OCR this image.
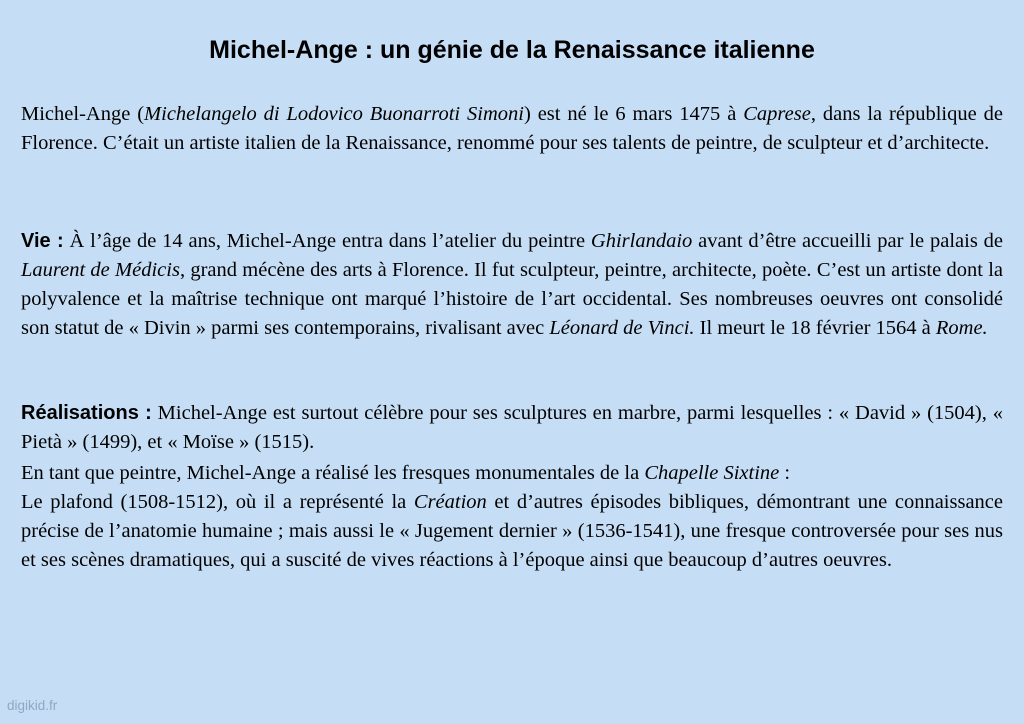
Michel-Ange : un génie de la Renaissance italienne

Michel-Ange (Michelangelo di Lodovico Buonarroti Simoni) est né le 6 mars 1475 à Caprese, dans la république de Florence. C’était un artiste italien de la Renaissance, renommé pour ses talents de peintre, de sculpteur et d’architecte.

Vie : À l’âge de 14 ans, Michel-Ange entra dans l’atelier du peintre Ghirlandaio avant d’être accueilli par le palais de Laurent de Médicis, grand mécène des arts à Florence. Il fut sculpteur, peintre, architecte, poète. C’est un artiste dont la polyvalence et la maîtrise technique ont marqué l’histoire de l’art occidental. Ses nombreuses oeuvres ont consolidé son statut de « Divin » parmi ses contemporains, rivalisant avec Léonard de Vinci. Il meurt le 18 février 1564 à Rome.

Réalisations : Michel-Ange est surtout célèbre pour ses sculptures en marbre, parmi lesquelles : « David » (1504), « Pietà » (1499), et « Moïse » (1515).

En tant que peintre, Michel-Ange a réalisé les fresques monumentales de la Chapelle Sixtine :
Le plafond (1508-1512), où il a représenté la Création et d’autres épisodes bibliques, démontrant une connaissance précise de l’anatomie humaine ; mais aussi le « Jugement dernier » (1536-1541), une fresque controversée pour ses nus et ses scènes dramatiques, qui a suscité de vives réactions à l’époque ainsi que beaucoup d’autres oeuvres.

digikid.fr
